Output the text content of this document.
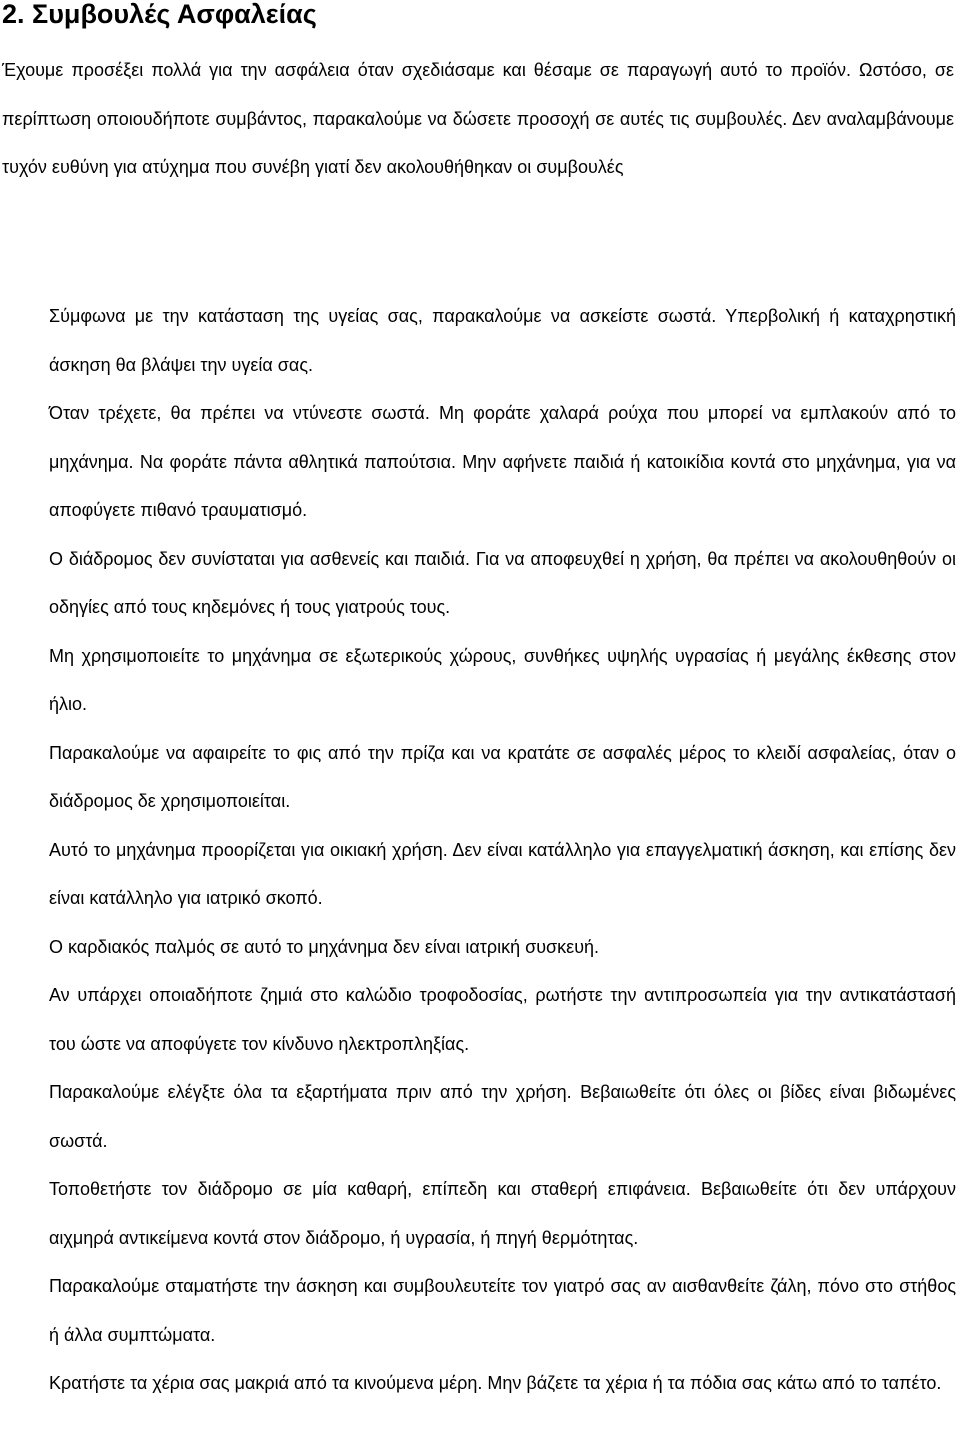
2. Συμβουλές Ασφαλείας

Έχουμε προσέξει πολλά για την ασφάλεια όταν σχεδιάσαμε και θέσαμε σε παραγωγή αυτό το προϊόν. Ωστόσο, σε περίπτωση οποιουδήποτε συμβάντος, παρακαλούμε να δώσετε προσοχή σε αυτές τις συμβουλές. Δεν αναλαμβάνουμε τυχόν ευθύνη για ατύχημα που συνέβη γιατί δεν ακολουθήθηκαν οι συμβουλές

Σύμφωνα με την κατάσταση της υγείας σας, παρακαλούμε να ασκείστε σωστά. Υπερβολική ή καταχρηστική άσκηση θα βλάψει την υγεία σας.

Όταν τρέχετε, θα πρέπει να ντύνεστε σωστά. Μη φοράτε χαλαρά ρούχα που μπορεί να εμπλακούν από το μηχάνημα. Να φοράτε πάντα αθλητικά παπούτσια. Μην αφήνετε παιδιά ή κατοικίδια κοντά στο μηχάνημα, για να αποφύγετε πιθανό τραυματισμό.

Ο διάδρομος δεν συνίσταται για ασθενείς και παιδιά. Για να αποφευχθεί η χρήση, θα πρέπει να ακολουθηθούν οι οδηγίες από τους κηδεμόνες ή τους γιατρούς τους.

Μη χρησιμοποιείτε το μηχάνημα σε εξωτερικούς χώρους, συνθήκες υψηλής υγρασίας ή μεγάλης έκθεσης στον ήλιο.

Παρακαλούμε να αφαιρείτε το φις από την πρίζα και να κρατάτε σε ασφαλές μέρος το κλειδί ασφαλείας, όταν ο διάδρομος δε χρησιμοποιείται.

Αυτό το μηχάνημα προορίζεται για οικιακή χρήση. Δεν είναι κατάλληλο για επαγγελματική άσκηση, και επίσης δεν είναι κατάλληλο για ιατρικό σκοπό.

Ο καρδιακός παλμός σε αυτό το μηχάνημα δεν είναι ιατρική συσκευή.

Αν υπάρχει οποιαδήποτε ζημιά στο καλώδιο τροφοδοσίας, ρωτήστε την αντιπροσωπεία για την αντικατάστασή του ώστε να αποφύγετε τον κίνδυνο ηλεκτροπληξίας.

Παρακαλούμε ελέγξτε όλα τα εξαρτήματα πριν από την χρήση. Βεβαιωθείτε ότι όλες οι βίδες είναι βιδωμένες σωστά.

Τοποθετήστε τον διάδρομο σε μία καθαρή, επίπεδη και σταθερή επιφάνεια. Βεβαιωθείτε ότι δεν υπάρχουν αιχμηρά αντικείμενα κοντά στον διάδρομο, ή υγρασία, ή πηγή θερμότητας.

Παρακαλούμε σταματήστε την άσκηση και συμβουλευτείτε τον γιατρό σας αν αισθανθείτε ζάλη, πόνο στο στήθος ή άλλα συμπτώματα.

Κρατήστε τα χέρια σας μακριά από τα κινούμενα μέρη. Μην βάζετε τα χέρια ή τα πόδια σας κάτω από το ταπέτο.
